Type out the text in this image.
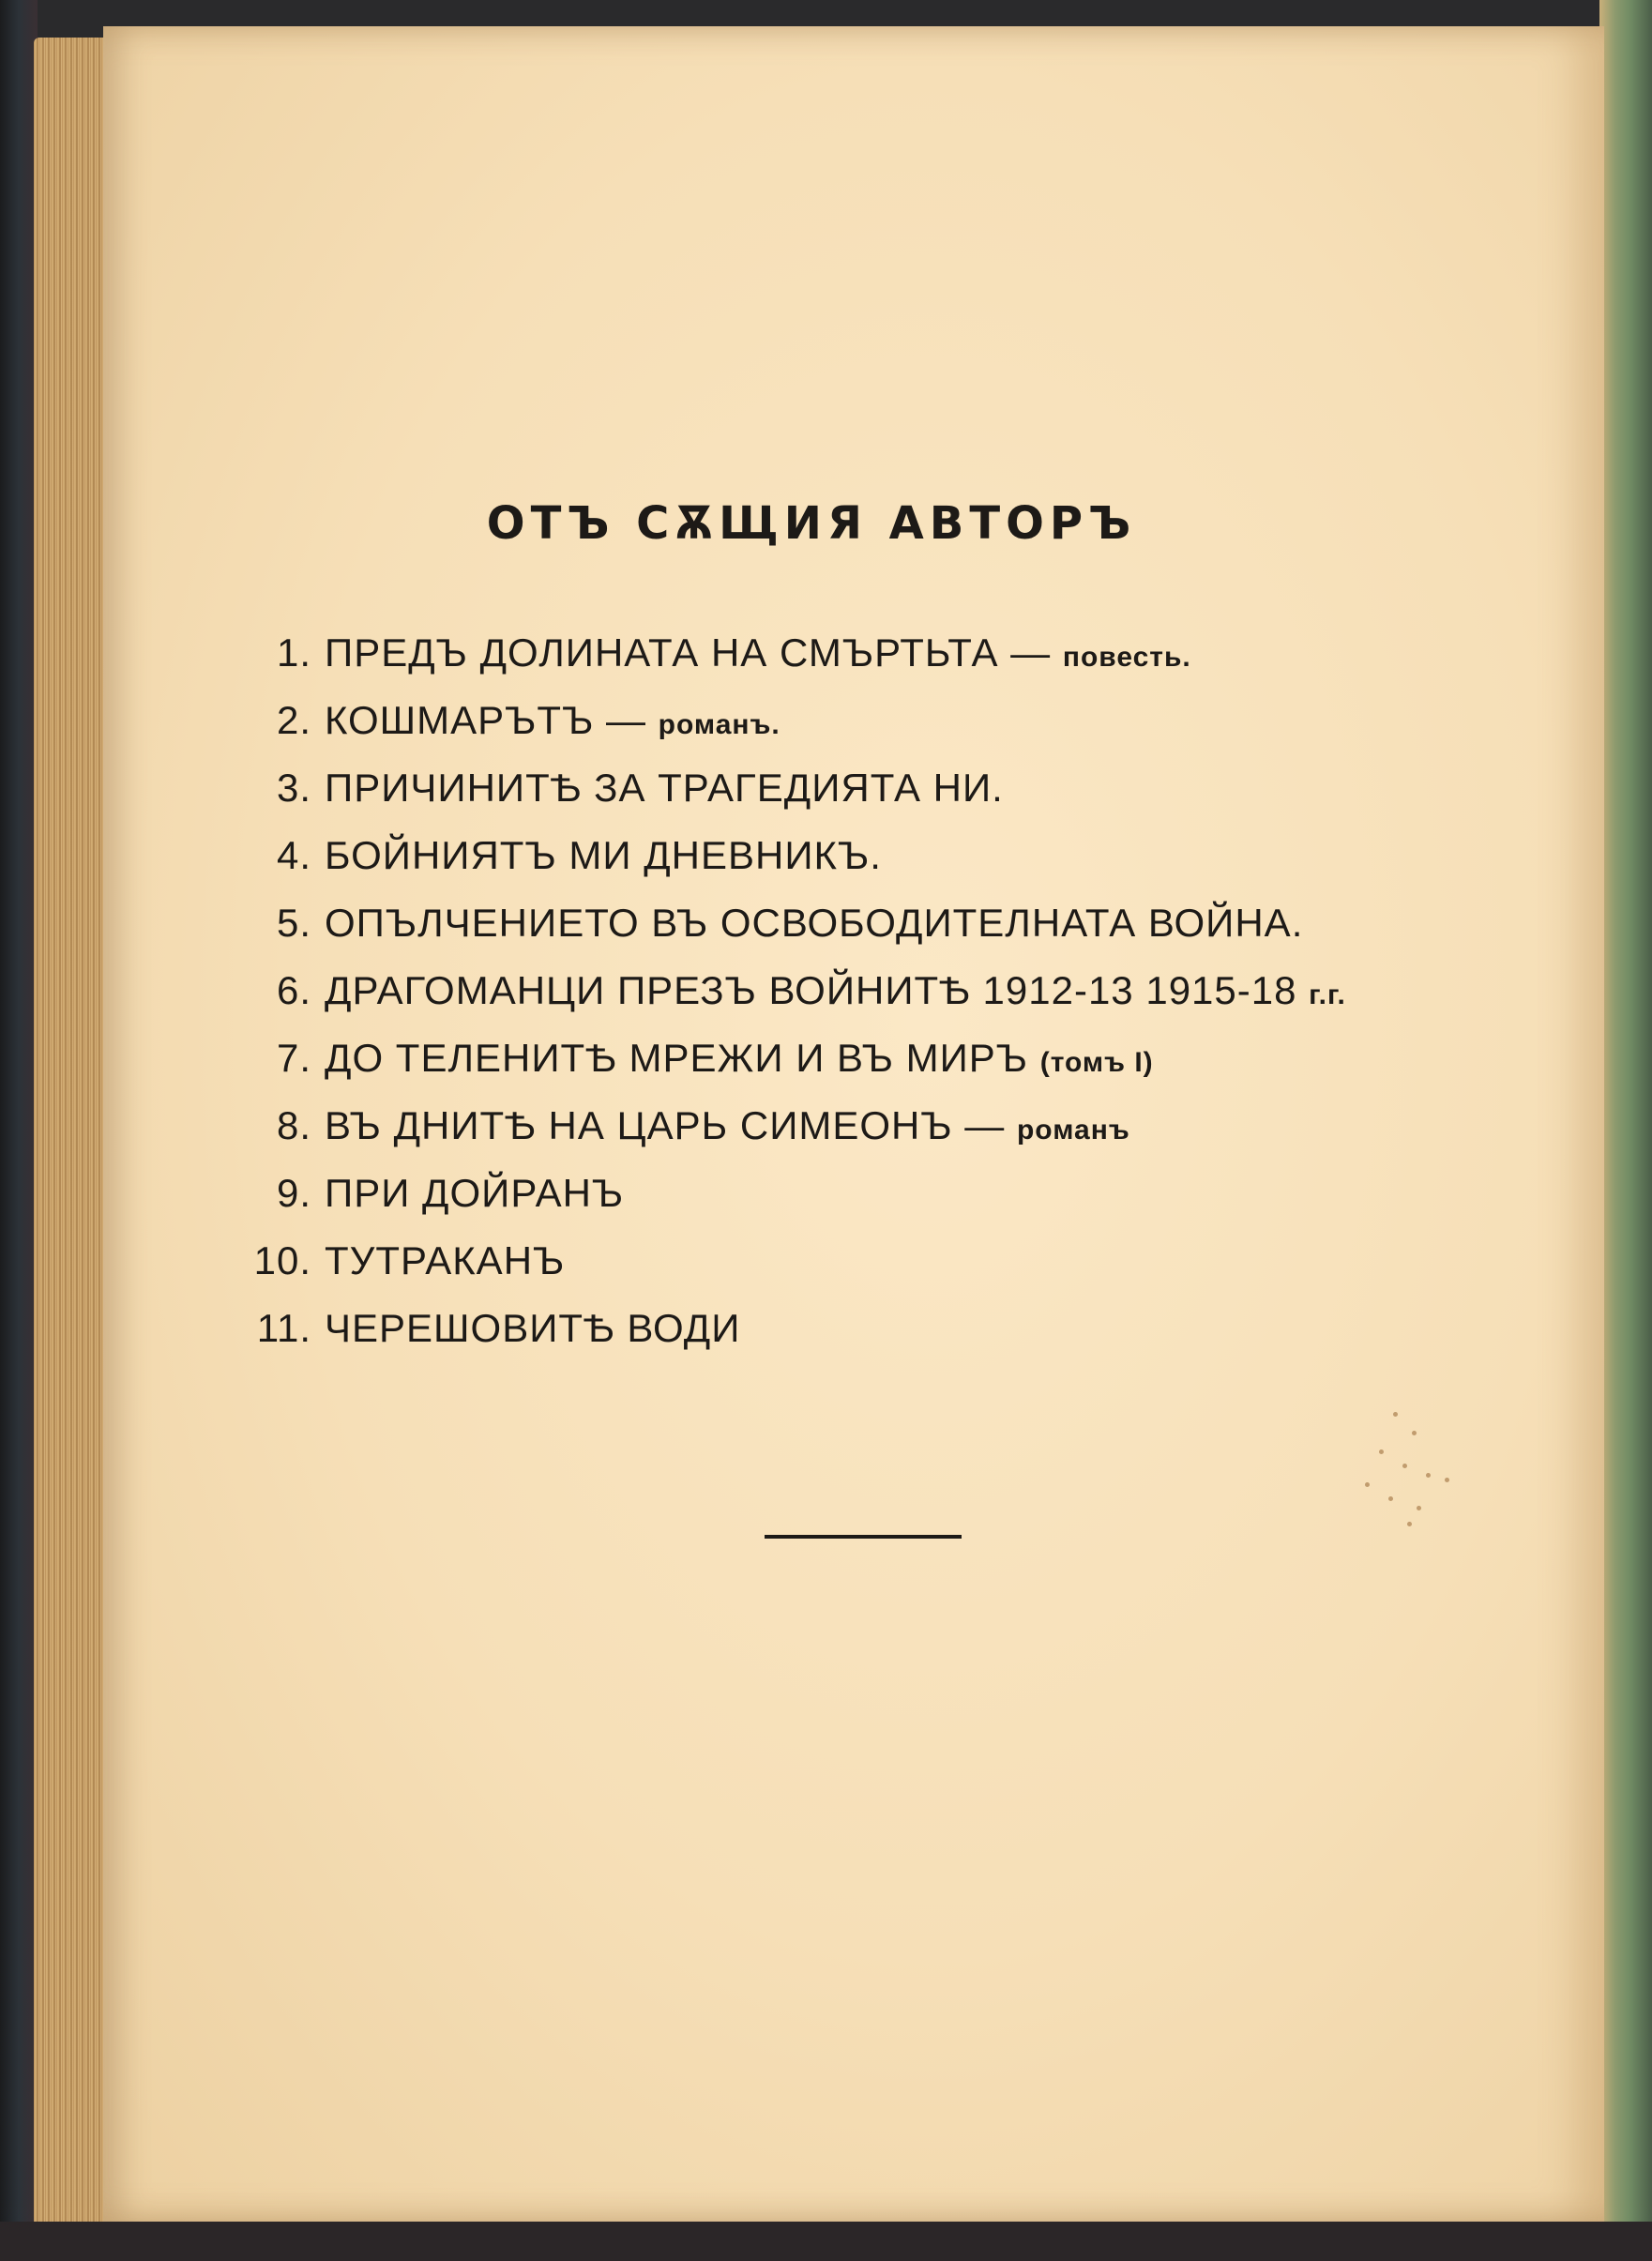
ОТЪ СѪЩИЯ АВТОРЪ
1. ПРЕДЪ ДОЛИНАТА НА СМЪРТЬТА — повесть.
2. КОШМАРЪТЪ — романъ.
3. ПРИЧИНИТѢ ЗА ТРАГЕДИЯТА НИ.
4. БОЙНИЯТЪ МИ ДНЕВНИКЪ.
5. ОПЪЛЧЕНИЕТО ВЪ ОСВОБОДИТЕЛНАТА ВОЙНА.
6. ДРАГОМАНЦИ ПРЕЗЪ ВОЙНИТѢ 1912-13 1915-18 г.г.
7. ДО ТЕЛЕНИТѢ МРЕЖИ И ВЪ МИРЪ (томъ I)
8. ВЪ ДНИТѢ НА ЦАРЬ СИМЕОНЪ — романъ
9. ПРИ ДОЙРАНЪ
10. ТУТРАКАНЪ
11. ЧЕРЕШОВИТѢ ВОДИ
